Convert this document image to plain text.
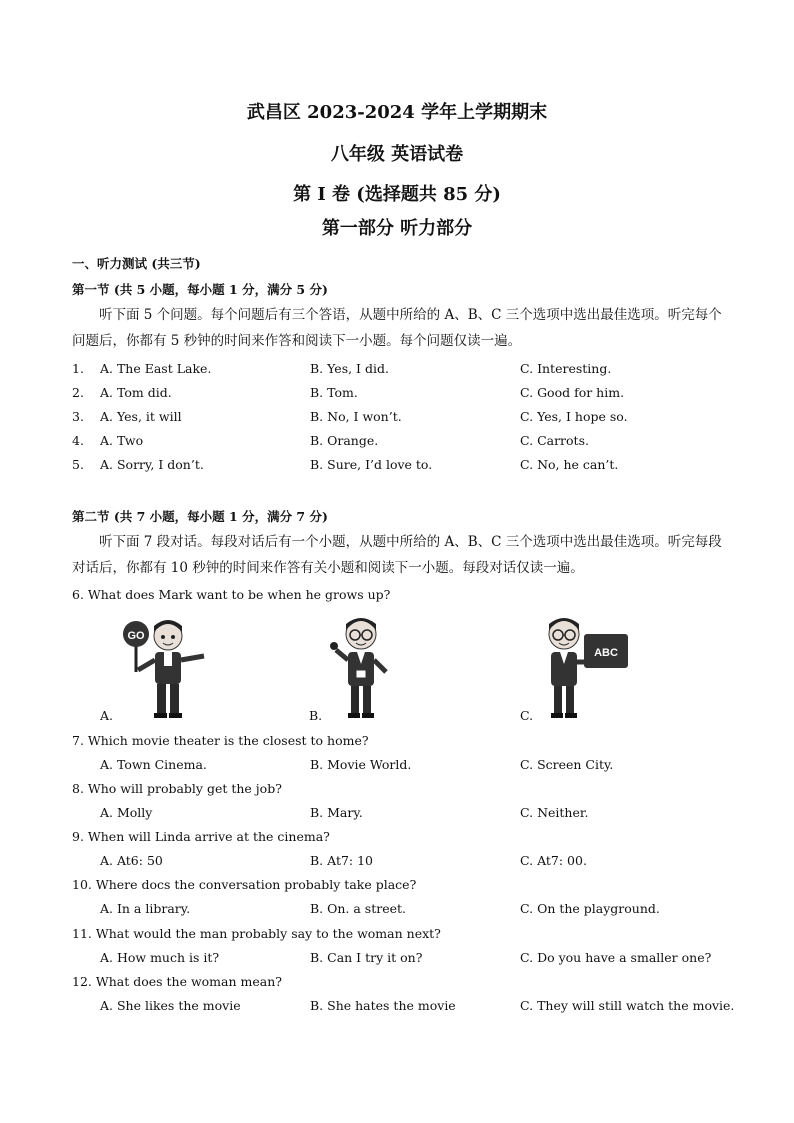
武昌区 2023-2024 学年上学期期末
八年级 英语试卷
第 I 卷 (选择题共 85 分)
第一部分 听力部分
一、听力测试 (共三节)
第一节 (共 5 小题，每小题 1 分，满分 5 分)
听下面 5 个问题。每个问题后有三个答语，从题中所给的 A、B、C 三个选项中选出最佳选项。听完每个问题后，你都有 5 秒钟的时间来作答和阅读下一小题。每个问题仅读一遍。
1. A. The East Lake.	B. Yes, I did.	C. Interesting.
2. A. Tom did.	B. Tom.	C. Good for him.
3. A. Yes, it will	B. No, I won’t.	C. Yes, I hope so.
4. A. Two	B. Orange.	C. Carrots.
5. A. Sorry, I don’t.	B. Sure, I’d love to.	C. No, he can’t.
第二节 (共 7 小题，每小题 1 分，满分 7 分)
听下面 7 段对话。每段对话后有一个小题，从题中所给的 A、B、C 三个选项中选出最佳选项。听完每段对话后，你都有 10 秒钟的时间来作答有关小题和阅读下一小题。每段对话仅读一遍。
6. What does Mark want to be when he grows up?
GO
A.	B.
ABC
C.
7. Which movie theater is the closest to home?
A. Town Cinema.	B. Movie World.	C. Screen City.
8. Who will probably get the job?
A. Molly	B. Mary.	C. Neither.
9. When will Linda arrive at the cinema?
A. At6: 50	B. At7: 10	C. At7: 00.
10. Where docs the conversation probably take place?
A. In a library.	B. On. a street.	C. On the playground.
11. What would the man probably say to the woman next?
A. How much is it?	B. Can I try it on?	C. Do you have a smaller one?
12. What does the woman mean?
A. She likes the movie	B. She hates the movie	C. They will still watch the movie.
